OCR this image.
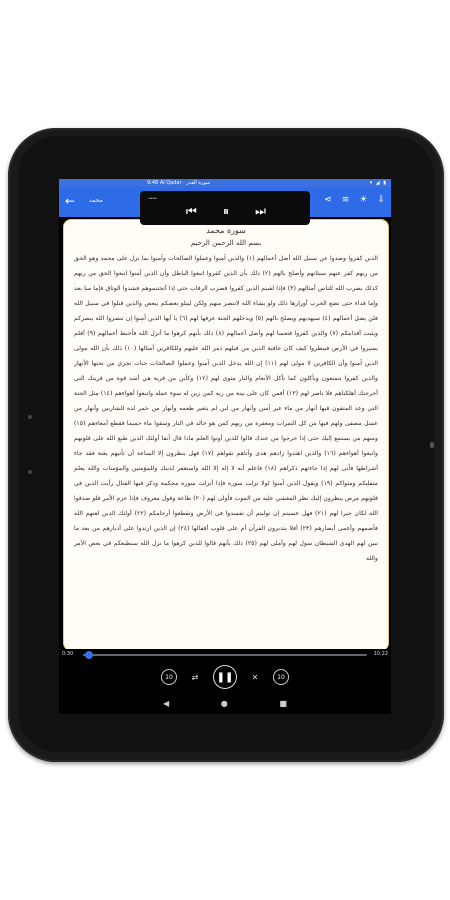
9:48 Al Qadar · سورة القدر	▾ ◢ ▮
← محمد	⋖ ≡ ☀ ⇩
محمد
⏮ ⏸ ⏭
سورة محمد
بسم الله الرحمن الرحيم
الذين كفروا وصدوا عن سبيل الله أضل أعمالهم (١) والذين آمنوا وعملوا الصالحات وآمنوا بما نزل على محمد وهو الحق من ربهم كفر عنهم سيئاتهم وأصلح بالهم (٢) ذلك بأن الذين كفروا اتبعوا الباطل وأن الذين آمنوا اتبعوا الحق من ربهم كذلك يضرب الله للناس أمثالهم (٣) فإذا لقيتم الذين كفروا فضرب الرقاب حتى إذا أثخنتموهم فشدوا الوثاق فإما منا بعد وإما فداء حتى تضع الحرب أوزارها ذلك ولو يشاء الله لانتصر منهم ولكن ليبلو بعضكم ببعض والذين قتلوا في سبيل الله فلن يضل أعمالهم (٤) سيهديهم ويصلح بالهم (٥) ويدخلهم الجنة عرفها لهم (٦) يا أيها الذين آمنوا إن تنصروا الله ينصركم ويثبت أقدامكم (٧) والذين كفروا فتعسا لهم وأضل أعمالهم (٨) ذلك بأنهم كرهوا ما أنزل الله فأحبط أعمالهم (٩) أفلم يسيروا في الأرض فينظروا كيف كان عاقبة الذين من قبلهم دمر الله عليهم وللكافرين أمثالها (١٠) ذلك بأن الله مولى الذين آمنوا وأن الكافرين لا مولى لهم (١١) إن الله يدخل الذين آمنوا وعملوا الصالحات جنات تجري من تحتها الأنهار والذين كفروا يتمتعون ويأكلون كما تأكل الأنعام والنار مثوى لهم (١٢) وكأين من قرية هي أشد قوة من قريتك التي أخرجتك أهلكناهم فلا ناصر لهم (١٣) أفمن كان على بينة من ربه كمن زين له سوء عمله واتبعوا أهواءهم (١٤) مثل الجنة التي وعد المتقون فيها أنهار من ماء غير آسن وأنهار من لبن لم يتغير طعمه وأنهار من خمر لذة للشاربين وأنهار من عسل مصفى ولهم فيها من كل الثمرات ومغفرة من ربهم كمن هو خالد في النار وسقوا ماء حميما فقطع أمعاءهم (١٥) ومنهم من يستمع إليك حتى إذا خرجوا من عندك قالوا للذين أوتوا العلم ماذا قال آنفا أولئك الذين طبع الله على قلوبهم واتبعوا أهواءهم (١٦) والذين اهتدوا زادهم هدى وآتاهم تقواهم (١٧) فهل ينظرون إلا الساعة أن تأتيهم بغتة فقد جاء أشراطها فأنى لهم إذا جاءتهم ذكراهم (١٨) فاعلم أنه لا إله إلا الله واستغفر لذنبك وللمؤمنين والمؤمنات والله يعلم متقلبكم ومثواكم (١٩) ويقول الذين آمنوا لولا نزلت سورة فإذا أنزلت سورة محكمة وذكر فيها القتال رأيت الذين في قلوبهم مرض ينظرون إليك نظر المغشي عليه من الموت فأولى لهم (٢٠) طاعة وقول معروف فإذا عزم الأمر فلو صدقوا الله لكان خيرا لهم (٢١) فهل عسيتم إن توليتم أن تفسدوا في الأرض وتقطعوا أرحامكم (٢٢) أولئك الذين لعنهم الله فأصمهم وأعمى أبصارهم (٢٣) أفلا يتدبرون القرآن أم على قلوب أقفالها (٢٤) إن الذين ارتدوا على أدبارهم من بعد ما تبين لهم الهدى الشيطان سول لهم وأملى لهم (٢٥) ذلك بأنهم قالوا للذين كرهوا ما نزل الله سنطيعكم في بعض الأمر والله
0:30	10:22
10	⇄	❚❚	✕	10
◀	●	■
